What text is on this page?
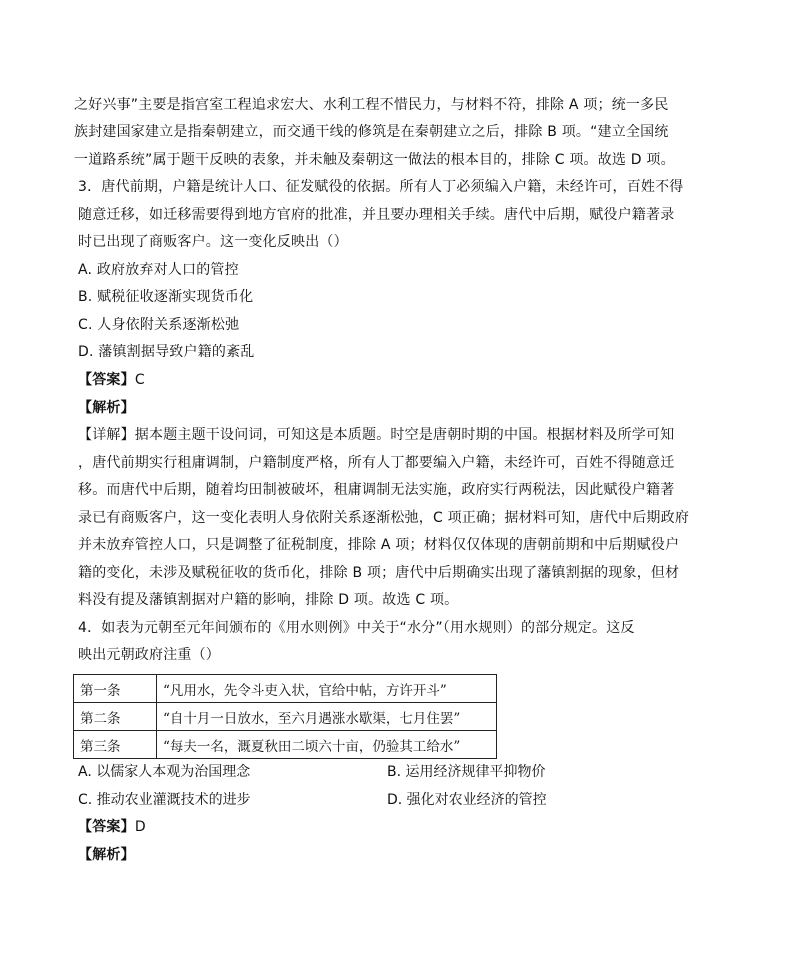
之好兴事”主要是指宫室工程追求宏大、水利工程不惜民力，与材料不符，排除 A 项；统一多民
族封建国家建立是指秦朝建立，而交通干线的修筑是在秦朝建立之后，排除 B 项。“建立全国统
一道路系统”属于题干反映的表象，并未触及秦朝这一做法的根本目的，排除 C 项。故选 D 项。
3．唐代前期，户籍是统计人口、征发赋役的依据。所有人丁必须编入户籍，未经许可，百姓不得
随意迁移，如迁移需要得到地方官府的批准，并且要办理相关手续。唐代中后期，赋役户籍著录
时已出现了商贩客户。这一变化反映出（）
A. 政府放弃对人口的管控
B. 赋税征收逐渐实现货币化
C. 人身依附关系逐渐松弛
D. 藩镇割据导致户籍的紊乱
【答案】C
【解析】
【详解】据本题主题干设问词，可知这是本质题。时空是唐朝时期的中国。根据材料及所学可知
，唐代前期实行租庸调制，户籍制度严格，所有人丁都要编入户籍，未经许可，百姓不得随意迁
移。而唐代中后期，随着均田制被破坏，租庸调制无法实施，政府实行两税法，因此赋役户籍著
录已有商贩客户，这一变化表明人身依附关系逐渐松弛，C 项正确；据材料可知，唐代中后期政府
并未放弃管控人口，只是调整了征税制度，排除 A 项；材料仅仅体现的唐朝前期和中后期赋役户
籍的变化，未涉及赋税征收的货币化，排除 B 项；唐代中后期确实出现了藩镇割据的现象，但材
料没有提及藩镇割据对户籍的影响，排除 D 项。故选 C 项。
4．如表为元朝至元年间颁布的《用水则例》中关于“水分”（用水规则）的部分规定。这反
映出元朝政府注重（）
第一条	“凡用水，先令斗吏入状，官给中帖，方许开斗”
第二条	“自十月一日放水，至六月遇涨水歇渠，七月住罢”
第三条	“每夫一名，溉夏秋田二顷六十亩，仍验其工给水”
A. 以儒家人本观为治国理念	B. 运用经济规律平抑物价
C. 推动农业灌溉技术的进步	D. 强化对农业经济的管控
【答案】D
【解析】
